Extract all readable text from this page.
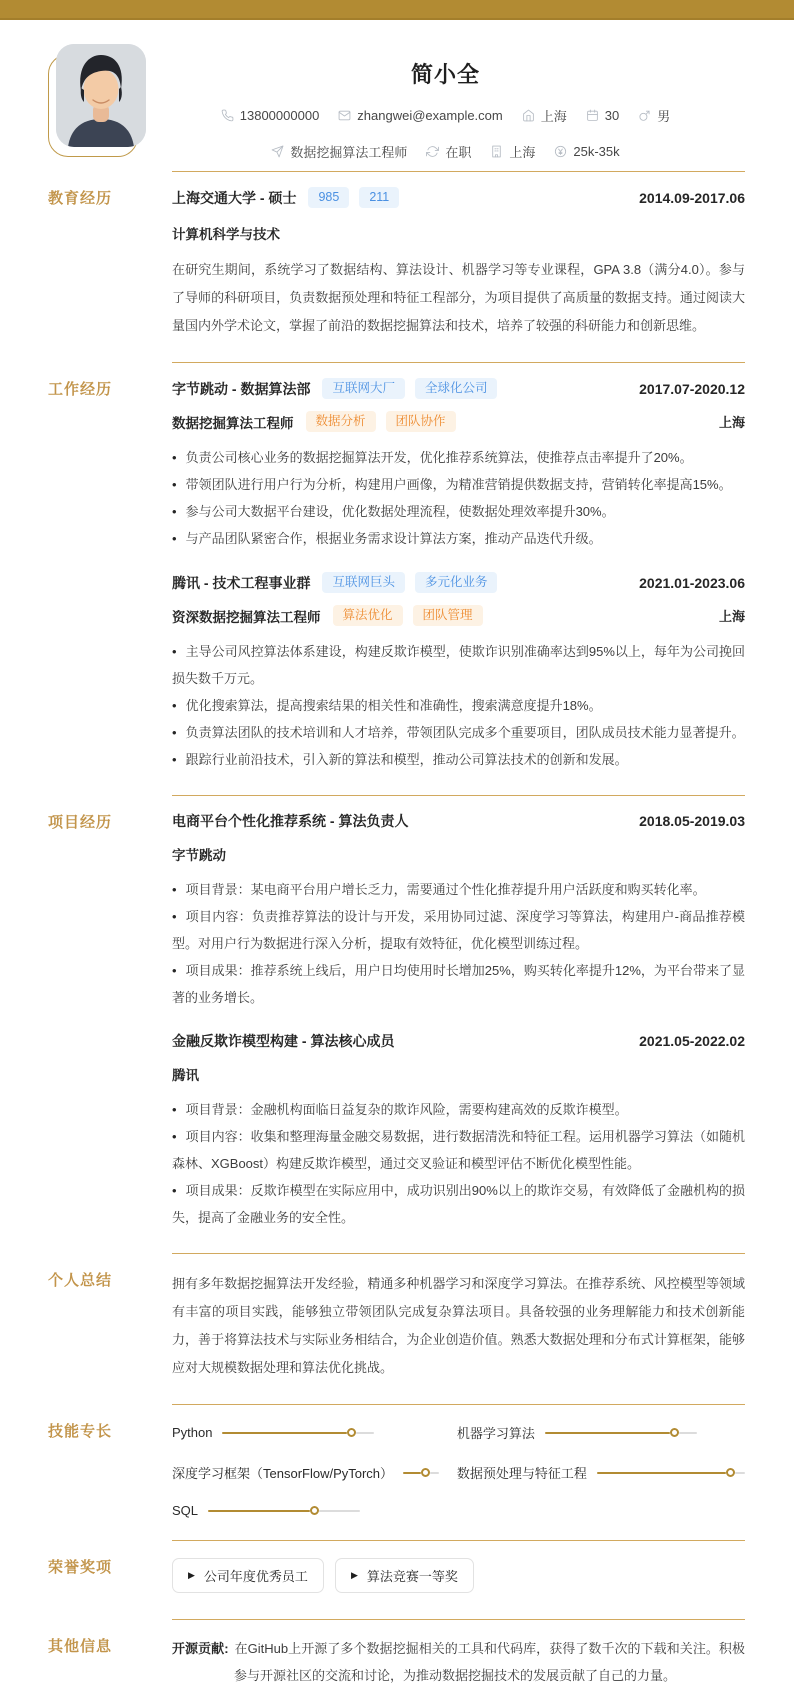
简小全
13800000000	zhangwei@example.com	上海	30	男
数据挖掘算法工程师	在职	上海	25k-35k
教育经历	上海交通大学 - 硕士	985	211	2014.09-2017.06
计算机科学与技术
在研究生期间，系统学习了数据结构、算法设计、机器学习等专业课程，GPA 3.8（满分4.0）。参与了导师的科研项目，负责数据预处理和特征工程部分，为项目提供了高质量的数据支持。通过阅读大量国内外学术论文，掌握了前沿的数据挖掘算法和技术，培养了较强的科研能力和创新思维。
工作经历	字节跳动 - 数据算法部	互联网大厂	全球化公司	2017.07-2020.12
数据挖掘算法工程师	数据分析	团队协作	上海
• 负责公司核心业务的数据挖掘算法开发，优化推荐系统算法，使推荐点击率提升了20%。
• 带领团队进行用户行为分析，构建用户画像，为精准营销提供数据支持，营销转化率提高15%。
• 参与公司大数据平台建设，优化数据处理流程，使数据处理效率提升30%。
• 与产品团队紧密合作，根据业务需求设计算法方案，推动产品迭代升级。
腾讯 - 技术工程事业群	互联网巨头	多元化业务	2021.01-2023.06
资深数据挖掘算法工程师	算法优化	团队管理	上海
• 主导公司风控算法体系建设，构建反欺诈模型，使欺诈识别准确率达到95%以上，每年为公司挽回损失数千万元。
• 优化搜索算法，提高搜索结果的相关性和准确性，搜索满意度提升18%。
• 负责算法团队的技术培训和人才培养，带领团队完成多个重要项目，团队成员技术能力显著提升。
• 跟踪行业前沿技术，引入新的算法和模型，推动公司算法技术的创新和发展。
项目经历	电商平台个性化推荐系统 - 算法负责人	2018.05-2019.03
字节跳动
• 项目背景：某电商平台用户增长乏力，需要通过个性化推荐提升用户活跃度和购买转化率。
• 项目内容：负责推荐算法的设计与开发，采用协同过滤、深度学习等算法，构建用户-商品推荐模型。对用户行为数据进行深入分析，提取有效特征，优化模型训练过程。
• 项目成果：推荐系统上线后，用户日均使用时长增加25%，购买转化率提升12%，为平台带来了显著的业务增长。
金融反欺诈模型构建 - 算法核心成员	2021.05-2022.02
腾讯
• 项目背景：金融机构面临日益复杂的欺诈风险，需要构建高效的反欺诈模型。
• 项目内容：收集和整理海量金融交易数据，进行数据清洗和特征工程。运用机器学习算法（如随机森林、XGBoost）构建反欺诈模型，通过交叉验证和模型评估不断优化模型性能。
• 项目成果：反欺诈模型在实际应用中，成功识别出90%以上的欺诈交易，有效降低了金融机构的损失，提高了金融业务的安全性。
个人总结	拥有多年数据挖掘算法开发经验，精通多种机器学习和深度学习算法。在推荐系统、风控模型等领域有丰富的项目实践，能够独立带领团队完成复杂算法项目。具备较强的业务理解能力和技术创新能力，善于将算法技术与实际业务相结合，为企业创造价值。熟悉大数据处理和分布式计算框架，能够应对大规模数据处理和算法优化挑战。
技能专长	Python	机器学习算法
深度学习框架（TensorFlow/PyTorch）	数据预处理与特征工程
SQL
荣誉奖项	▶ 公司年度优秀员工	▶ 算法竞赛一等奖
其他信息	开源贡献: 在GitHub上开源了多个数据挖掘相关的工具和代码库，获得了数千次的下载和关注。积极参与开源社区的交流和讨论，为推动数据挖掘技术的发展贡献了自己的力量。
